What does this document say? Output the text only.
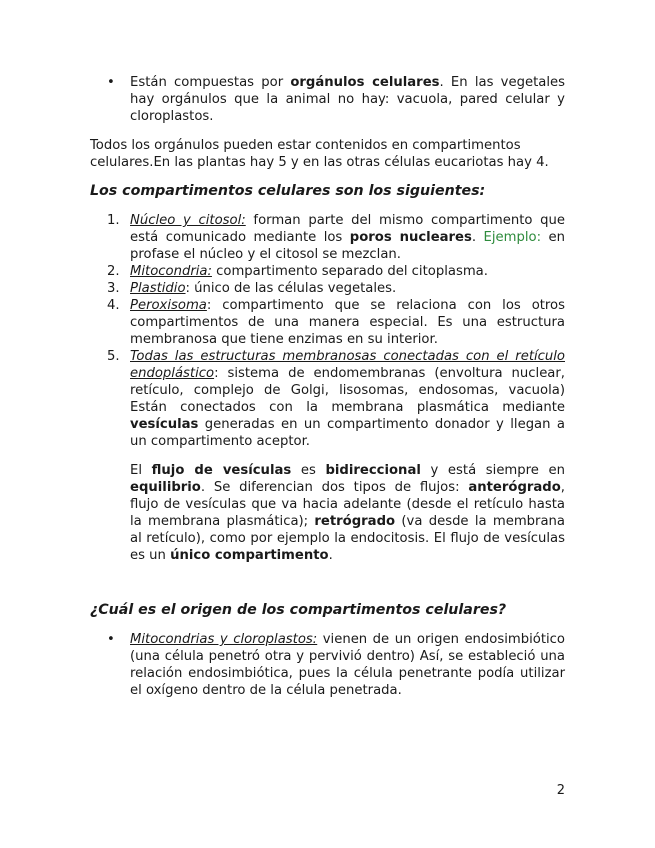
•	Están compuestas por orgánulos celulares. En las vegetales hay orgánulos que la animal no hay: vacuola, pared celular y cloroplastos.

Todos los orgánulos pueden estar contenidos en compartimentos celulares.En las plantas hay 5 y en las otras células eucariotas hay 4.

Los compartimentos celulares son los siguientes:

1. Núcleo y citosol: forman parte del mismo compartimento que está comunicado mediante los poros nucleares. Ejemplo: en profase el núcleo y el citosol se mezclan.
2. Mitocondria: compartimento separado del citoplasma.
3. Plastidio: único de las células vegetales.
4. Peroxisoma: compartimento que se relaciona con los otros compartimentos de una manera especial. Es una estructura membranosa que tiene enzimas en su interior.
5. Todas las estructuras membranosas conectadas con el retículo endoplástico: sistema de endomembranas (envoltura nuclear, retículo, complejo de Golgi, lisosomas, endosomas, vacuola) Están conectados con la membrana plasmática mediante vesículas generadas en un compartimento donador y llegan a un compartimento aceptor.
El flujo de vesículas es bidireccional y está siempre en equilibrio. Se diferencian dos tipos de flujos: anterógrado, flujo de vesículas que va hacia adelante (desde el retículo hasta la membrana plasmática); retrógrado (va desde la membrana al retículo), como por ejemplo la endocitosis. El flujo de vesículas es un único compartimento.

¿Cuál es el origen de los compartimentos celulares?

•	Mitocondrias y cloroplastos: vienen de un origen endosimbiótico (una célula penetró otra y pervivió dentro) Así, se estableció una relación endosimbiótica, pues la célula penetrante podía utilizar el oxígeno dentro de la célula penetrada.
2
